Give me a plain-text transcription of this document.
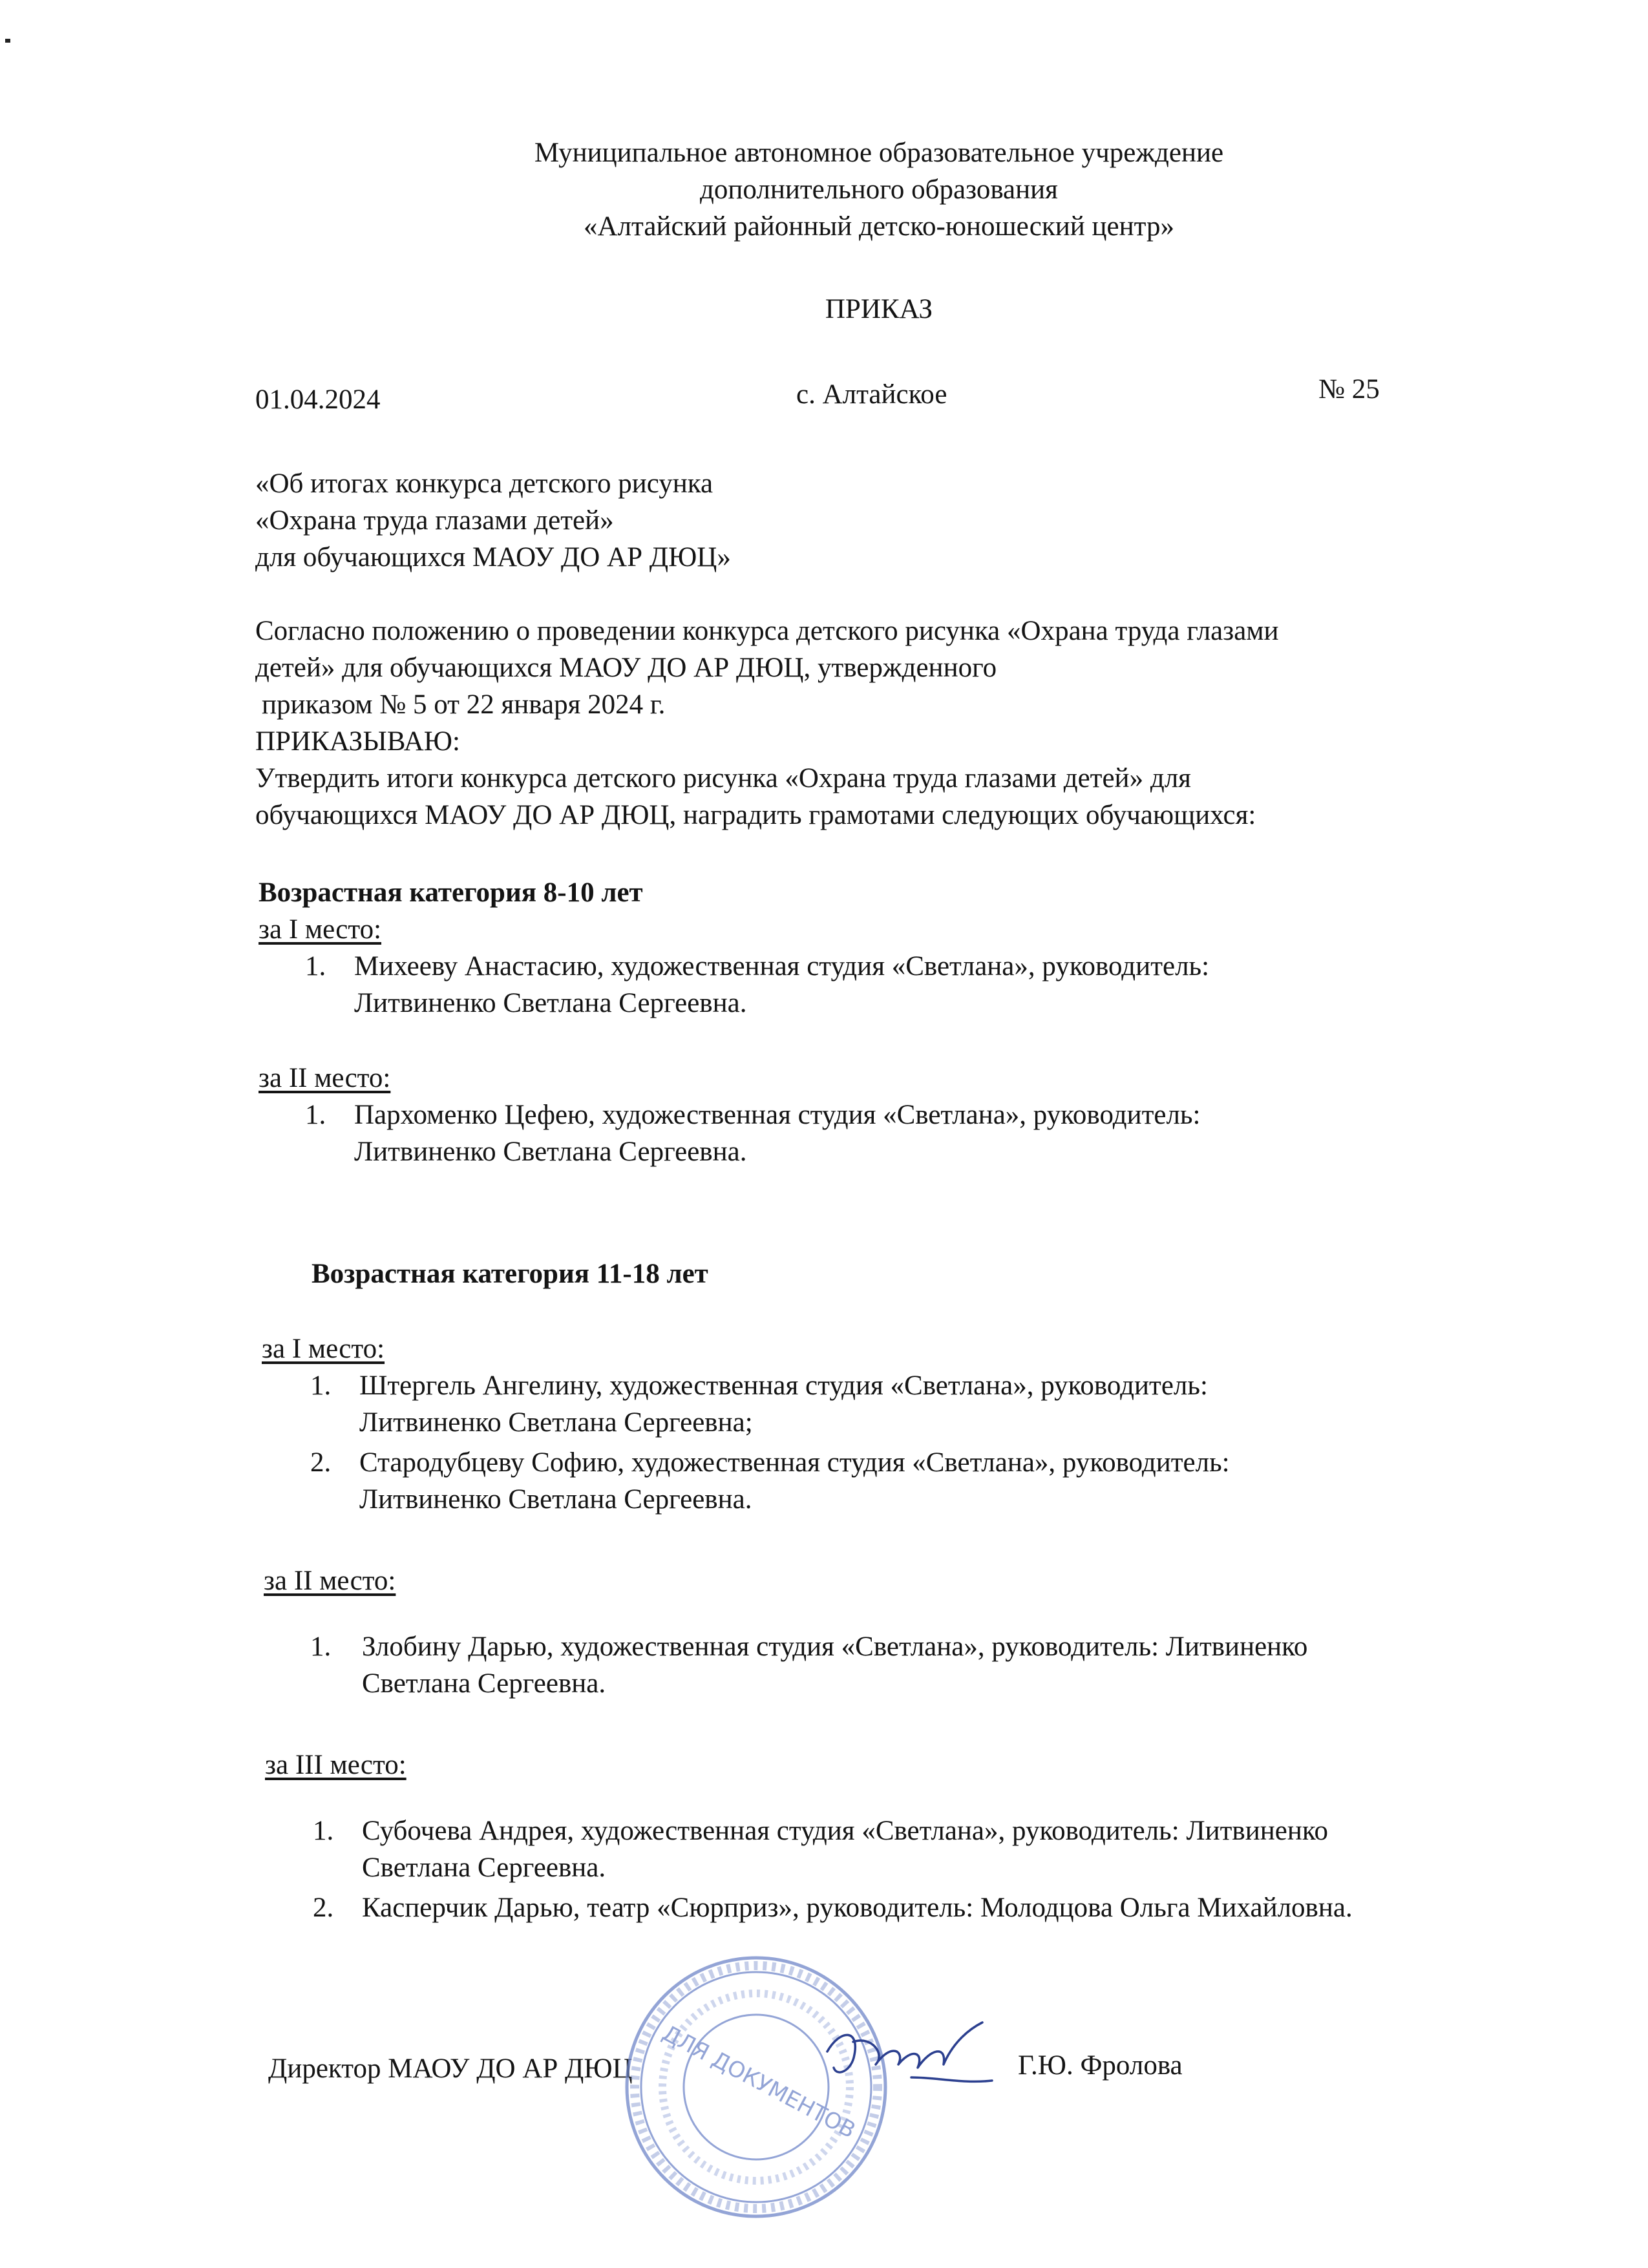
Муниципальное автономное образовательное учреждение
дополнительного образования
«Алтайский районный детско-юношеский центр»
ПРИКАЗ
01.04.2024	с. Алтайское	№ 25
«Об итогах конкурса детского рисунка
«Охрана труда глазами детей»
для обучающихся МАОУ ДО АР ДЮЦ»
Согласно положению о проведении конкурса детского рисунка «Охрана труда глазами
детей» для обучающихся МАОУ ДО АР ДЮЦ, утвержденного
приказом № 5 от 22 января 2024 г.
ПРИКАЗЫВАЮ:
Утвердить итоги конкурса детского рисунка «Охрана труда глазами детей» для
обучающихся МАОУ ДО АР ДЮЦ, наградить грамотами следующих обучающихся:
Возрастная категория 8-10 лет
за I место:
1. Михееву Анастасию, художественная студия «Светлана», руководитель:
Литвиненко Светлана Сергеевна.
за II место:
1. Пархоменко Цефею, художественная студия «Светлана», руководитель:
Литвиненко Светлана Сергеевна.
Возрастная категория 11-18 лет
за I место:
1. Штергель Ангелину, художественная студия «Светлана», руководитель:
Литвиненко Светлана Сергеевна;
2. Стародубцеву Софию, художественная студия «Светлана», руководитель:
Литвиненко Светлана Сергеевна.
за II место:
1. Злобину Дарью, художественная студия «Светлана», руководитель: Литвиненко
Светлана Сергеевна.
за III место:
1. Субочева Андрея, художественная студия «Светлана», руководитель: Литвиненко
Светлана Сергеевна.
2. Касперчик Дарью, театр «Сюрприз», руководитель: Молодцова Ольга Михайловна.
Директор МАОУ ДО АР ДЮЦ	Г.Ю. Фролова
ДЛЯ ДОКУМЕНТОВ
